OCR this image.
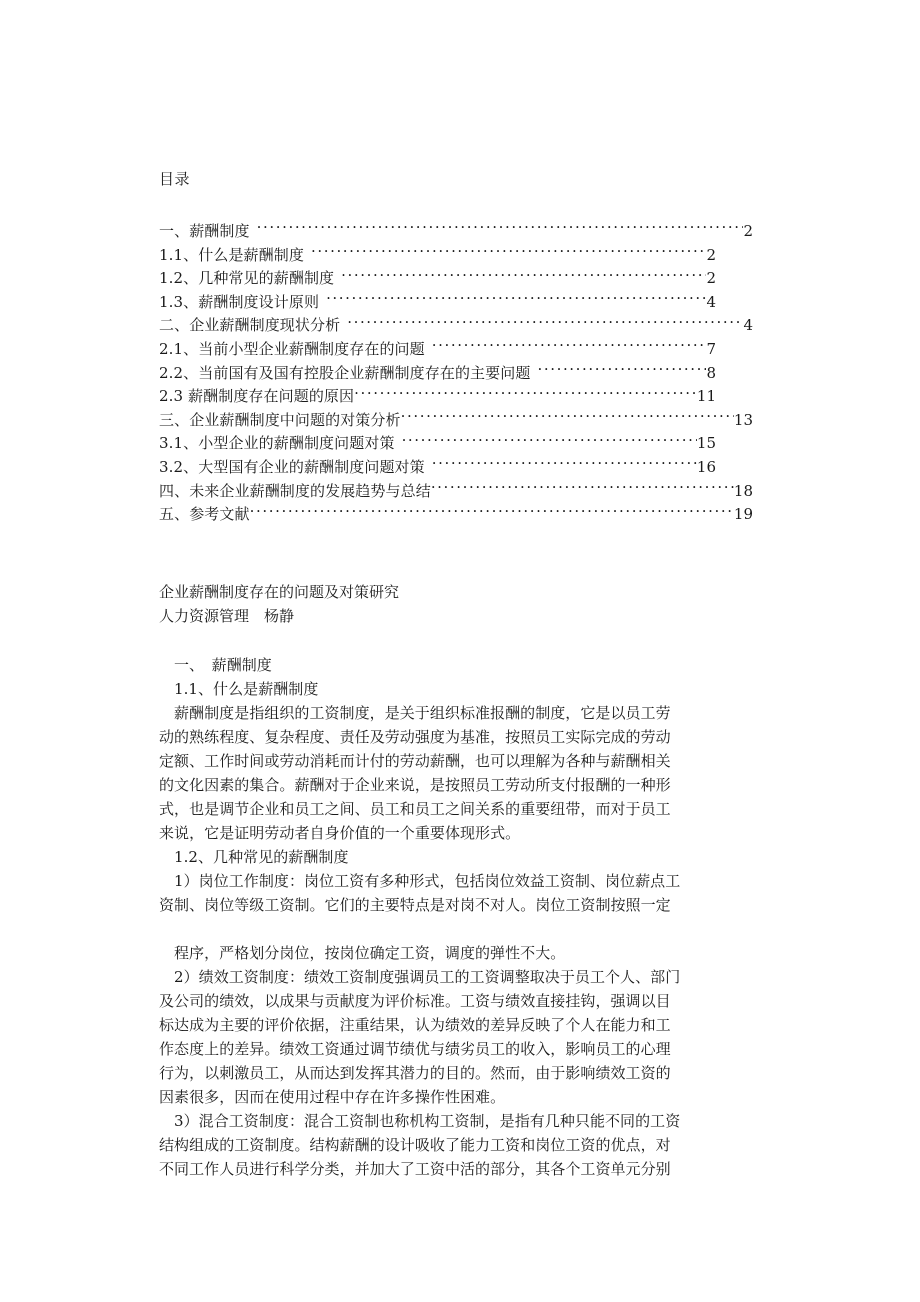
目录
一、薪酬制度 .....	2
1.1、什么是薪酬制度 .....	2
1.2、几种常见的薪酬制度 .....	2
1.3、薪酬制度设计原则 .....	4
二、企业薪酬制度现状分析 .....	4
2.1、当前小型企业薪酬制度存在的问题 .....	7
2.2、当前国有及国有控股企业薪酬制度存在的主要问题 .....	8
2.3 薪酬制度存在问题的原因 .....	11
三、企业薪酬制度中问题的对策分析 .....	13
3.1、小型企业的薪酬制度问题对策 .....	15
3.2、大型国有企业的薪酬制度问题对策 .....	16
四、未来企业薪酬制度的发展趋势与总结 .....	18
五、参考文献 .....	19
企业薪酬制度存在的问题及对策研究
人力资源管理　杨静
一、　薪酬制度
1.1、什么是薪酬制度
薪酬制度是指组织的工资制度，是关于组织标准报酬的制度，它是以员工劳
动的熟练程度、复杂程度、责任及劳动强度为基准，按照员工实际完成的劳动
定额、工作时间或劳动消耗而计付的劳动薪酬，也可以理解为各种与薪酬相关
的文化因素的集合。薪酬对于企业来说，是按照员工劳动所支付报酬的一种形
式，也是调节企业和员工之间、员工和员工之间关系的重要纽带，而对于员工
来说，它是证明劳动者自身价值的一个重要体现形式。
1.2、几种常见的薪酬制度
1）岗位工作制度：岗位工资有多种形式，包括岗位效益工资制、岗位薪点工
资制、岗位等级工资制。它们的主要特点是对岗不对人。岗位工资制按照一定
程序，严格划分岗位，按岗位确定工资，调度的弹性不大。
2）绩效工资制度：绩效工资制度强调员工的工资调整取决于员工个人、部门
及公司的绩效，以成果与贡献度为评价标准。工资与绩效直接挂钩，强调以目
标达成为主要的评价依据，注重结果，认为绩效的差异反映了个人在能力和工
作态度上的差异。绩效工资通过调节绩优与绩劣员工的收入，影响员工的心理
行为，以刺激员工，从而达到发挥其潜力的目的。然而，由于影响绩效工资的
因素很多，因而在使用过程中存在许多操作性困难。
3）混合工资制度：混合工资制也称机构工资制，是指有几种只能不同的工资
结构组成的工资制度。结构薪酬的设计吸收了能力工资和岗位工资的优点，对
不同工作人员进行科学分类，并加大了工资中活的部分，其各个工资单元分别
